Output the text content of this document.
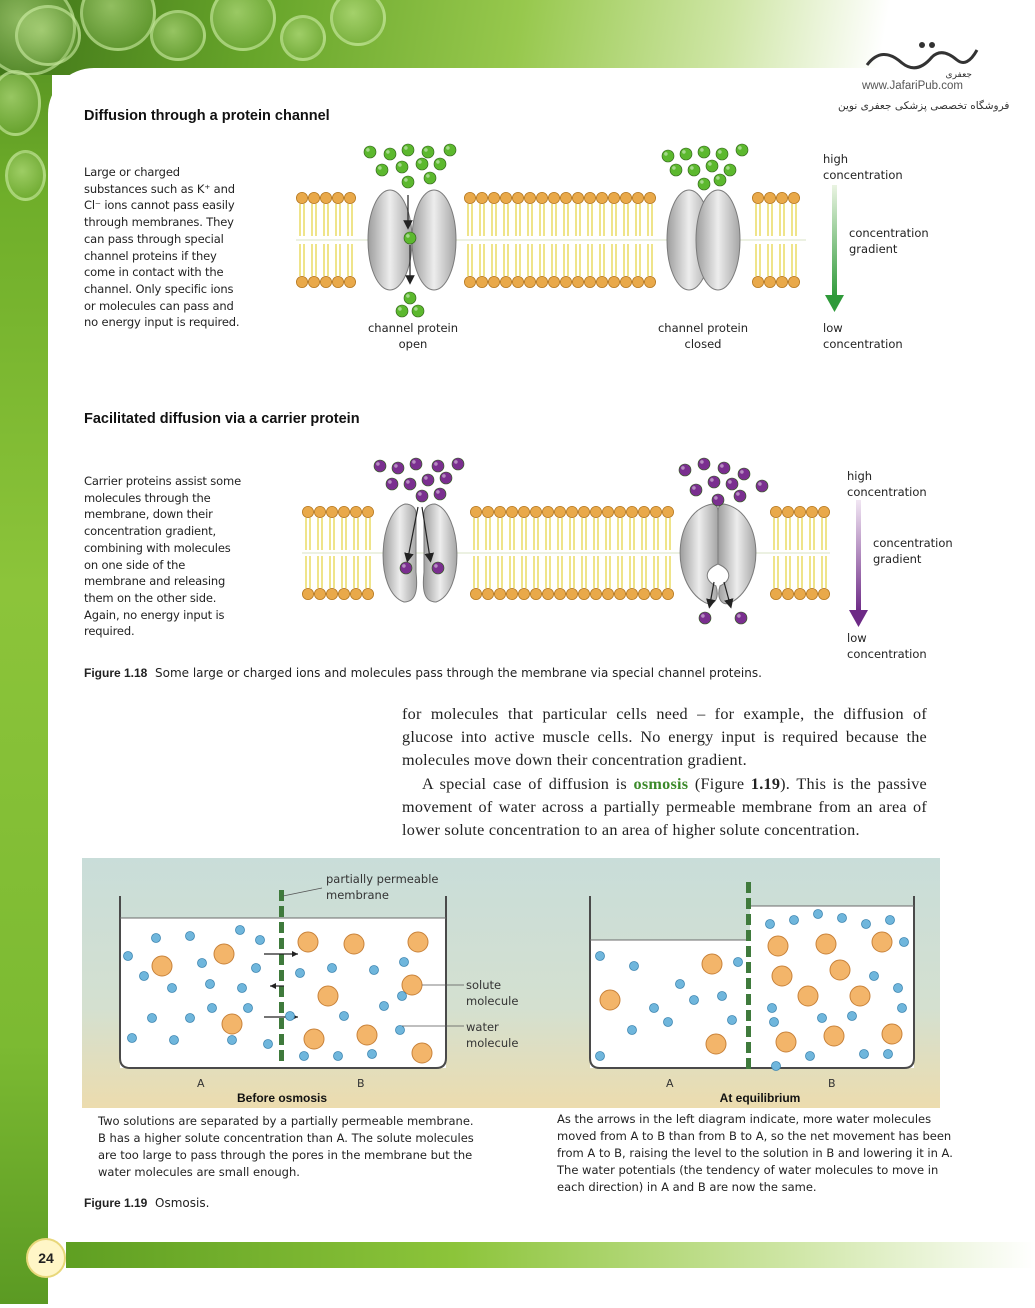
جعفری
www.JafariPub.com
فروشگاه تخصصی پزشکی جعفری نوین
Diffusion through a protein channel
Large or charged
substances such as K⁺ and
Cl⁻ ions cannot pass easily
through membranes. They
can pass through special
channel proteins if they
come in contact with the
channel. Only specific ions
or molecules can pass and
no energy input is required.	channel protein
open
channel protein
closed
high
concentration
concentration
gradient
low
concentration
Facilitated diffusion via a carrier protein
Carrier proteins assist some
molecules through the
membrane, down their
concentration gradient,
combining with molecules
on one side of the
membrane and releasing
them on the other side.
Again, no energy input is
required.
high
concentration
concentration
gradient
low
concentration
Figure 1.18 Some large or charged ions and molecules pass through the membrane via special channel proteins.
for molecules that particular cells need – for example, the diffusion of glucose into active muscle cells. No energy input is required because the molecules move down their concentration gradient.
A special case of diffusion is osmosis (Figure 1.19). This is the passive movement of water across a partially permeable membrane from an area of lower solute concentration to an area of higher solute concentration.
partially permeable
membrane
solute
molecule
water
molecule
A	B
Before osmosis
A	B
At equilibrium
Two solutions are separated by a partially permeable membrane.
B has a higher solute concentration than A. The solute molecules
are too large to pass through the pores in the membrane but the
water molecules are small enough.
As the arrows in the left diagram indicate, more water molecules
moved from A to B than from B to A, so the net movement has been
from A to B, raising the level to the solution in B and lowering it in A.
The water potentials (the tendency of water molecules to move in
each direction) in A and B are now the same.
Figure 1.19 Osmosis.
24
